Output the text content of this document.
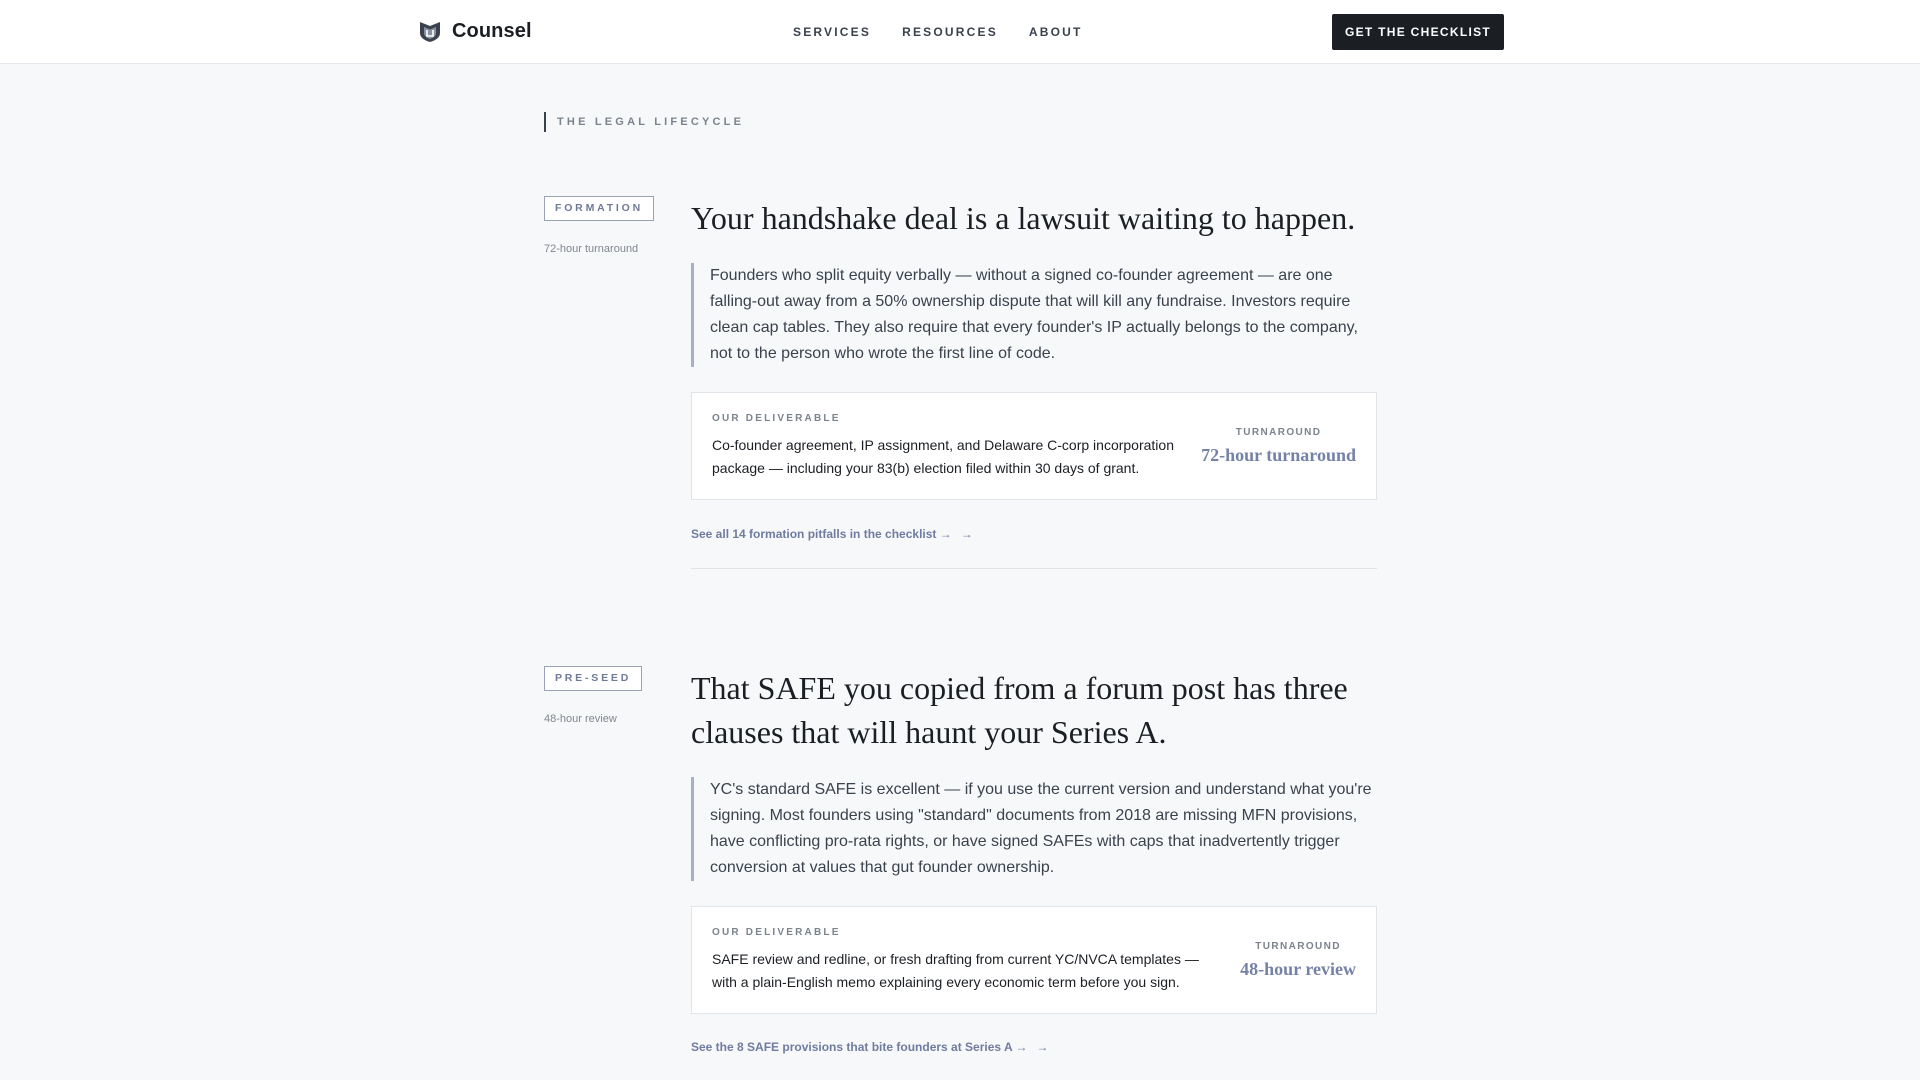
Counsel	SERVICES	RESOURCES	ABOUT	GET THE CHECKLIST
THE LEGAL LIFECYCLE
FORMATION
72-hour turnaround
Your handshake deal is a lawsuit waiting to happen.

Founders who split equity verbally — without a signed co-founder agreement — are one falling-out away from a 50% ownership dispute that will kill any fundraise. Investors require clean cap tables. They also require that every founder's IP actually belongs to the company, not to the person who wrote the first line of code.

OUR DELIVERABLE
Co-founder agreement, IP assignment, and Delaware C-corp incorporation package — including your 83(b) election filed within 30 days of grant.
TURNAROUND
72-hour turnaround
See all 14 formation pitfalls in the checklist → →
PRE-SEED
48-hour review
That SAFE you copied from a forum post has three clauses that will haunt your Series A.

YC's standard SAFE is excellent — if you use the current version and understand what you're signing. Most founders using "standard" documents from 2018 are missing MFN provisions, have conflicting pro-rata rights, or have signed SAFEs with caps that inadvertently trigger conversion at values that gut founder ownership.

OUR DELIVERABLE
SAFE review and redline, or fresh drafting from current YC/NVCA templates — with a plain-English memo explaining every economic term before you sign.
TURNAROUND
48-hour review
See the 8 SAFE provisions that bite founders at Series A → →
